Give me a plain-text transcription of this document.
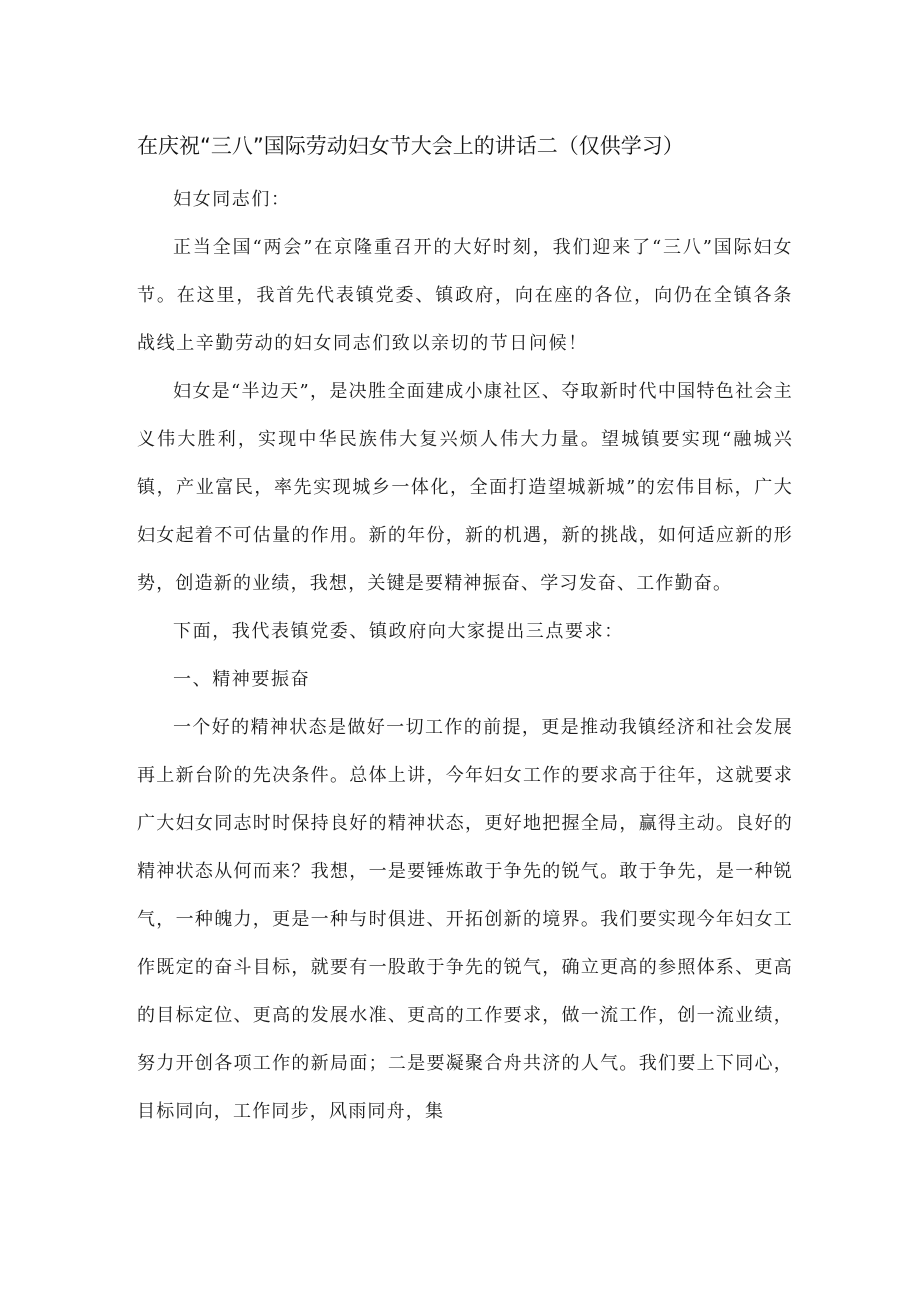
在庆祝“三八”国际劳动妇女节大会上的讲话二（仅供学习）

妇女同志们：

正当全国“两会”在京隆重召开的大好时刻，我们迎来了“三八”国际妇女节。在这里，我首先代表镇党委、镇政府，向在座的各位，向仍在全镇各条战线上辛勤劳动的妇女同志们致以亲切的节日问候！

妇女是“半边天”，是决胜全面建成小康社区、夺取新时代中国特色社会主义伟大胜利，实现中华民族伟大复兴烦人伟大力量。望城镇要实现“融城兴镇，产业富民，率先实现城乡一体化，全面打造望城新城”的宏伟目标，广大妇女起着不可估量的作用。新的年份，新的机遇，新的挑战，如何适应新的形势，创造新的业绩，我想，关键是要精神振奋、学习发奋、工作勤奋。

下面，我代表镇党委、镇政府向大家提出三点要求：

一、精神要振奋

一个好的精神状态是做好一切工作的前提，更是推动我镇经济和社会发展再上新台阶的先决条件。总体上讲，今年妇女工作的要求高于往年，这就要求广大妇女同志时时保持良好的精神状态，更好地把握全局，赢得主动。良好的精神状态从何而来？我想，一是要锤炼敢于争先的锐气。敢于争先，是一种锐气，一种魄力，更是一种与时俱进、开拓创新的境界。我们要实现今年妇女工作既定的奋斗目标，就要有一股敢于争先的锐气，确立更高的参照体系、更高的目标定位、更高的发展水准、更高的工作要求，做一流工作，创一流业绩，努力开创各项工作的新局面；二是要凝聚合舟共济的人气。我们要上下同心，目标同向，工作同步，风雨同舟，集
